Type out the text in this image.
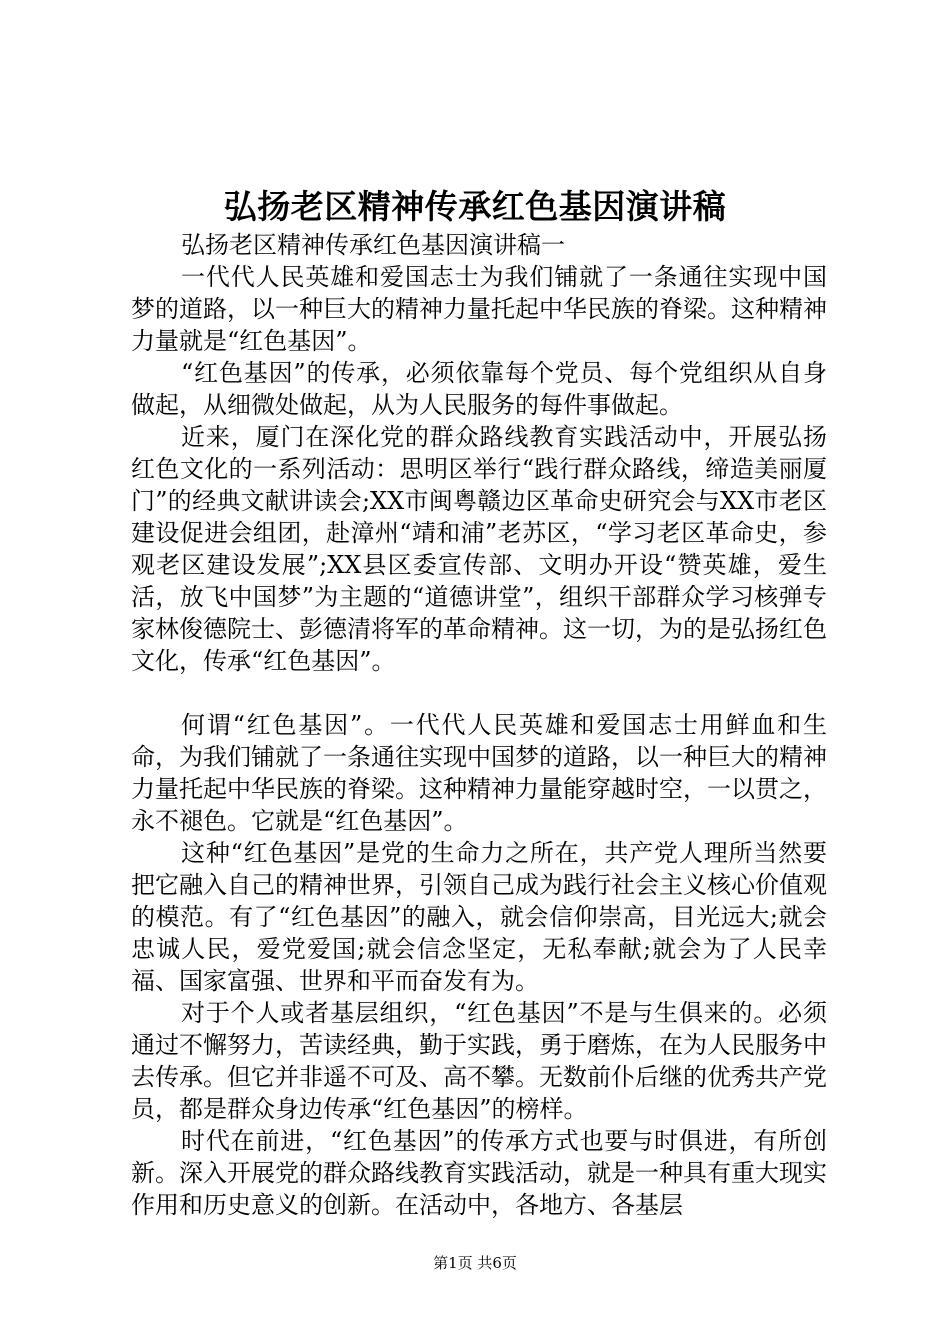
弘扬老区精神传承红色基因演讲稿

弘扬老区精神传承红色基因演讲稿一

一代代人民英雄和爱国志士为我们铺就了一条通往实现中国梦的道路，以一种巨大的精神力量托起中华民族的脊梁。这种精神力量就是“红色基因”。

“红色基因”的传承，必须依靠每个党员、每个党组织从自身做起，从细微处做起，从为人民服务的每件事做起。

近来，厦门在深化党的群众路线教育实践活动中，开展弘扬红色文化的一系列活动：思明区举行“践行群众路线，缔造美丽厦门”的经典文献讲读会;XX市闽粤赣边区革命史研究会与XX市老区建设促进会组团，赴漳州“靖和浦”老苏区，“学习老区革命史，参观老区建设发展”;XX县区委宣传部、文明办开设“赞英雄，爱生活，放飞中国梦”为主题的“道德讲堂”，组织干部群众学习核弹专家林俊德院士、彭德清将军的革命精神。这一切，为的是弘扬红色文化，传承“红色基因”。

何谓“红色基因”。一代代人民英雄和爱国志士用鲜血和生命，为我们铺就了一条通往实现中国梦的道路，以一种巨大的精神力量托起中华民族的脊梁。这种精神力量能穿越时空，一以贯之，永不褪色。它就是“红色基因”。

这种“红色基因”是党的生命力之所在，共产党人理所当然要把它融入自己的精神世界，引领自己成为践行社会主义核心价值观的模范。有了“红色基因”的融入，就会信仰崇高，目光远大;就会忠诚人民，爱党爱国;就会信念坚定，无私奉献;就会为了人民幸福、国家富强、世界和平而奋发有为。

对于个人或者基层组织，“红色基因”不是与生俱来的。必须通过不懈努力，苦读经典，勤于实践，勇于磨炼，在为人民服务中去传承。但它并非遥不可及、高不攀。无数前仆后继的优秀共产党员，都是群众身边传承“红色基因”的榜样。

时代在前进，“红色基因”的传承方式也要与时俱进，有所创新。深入开展党的群众路线教育实践活动，就是一种具有重大现实作用和历史意义的创新。在活动中，各地方、各基层

第1页 共6页
